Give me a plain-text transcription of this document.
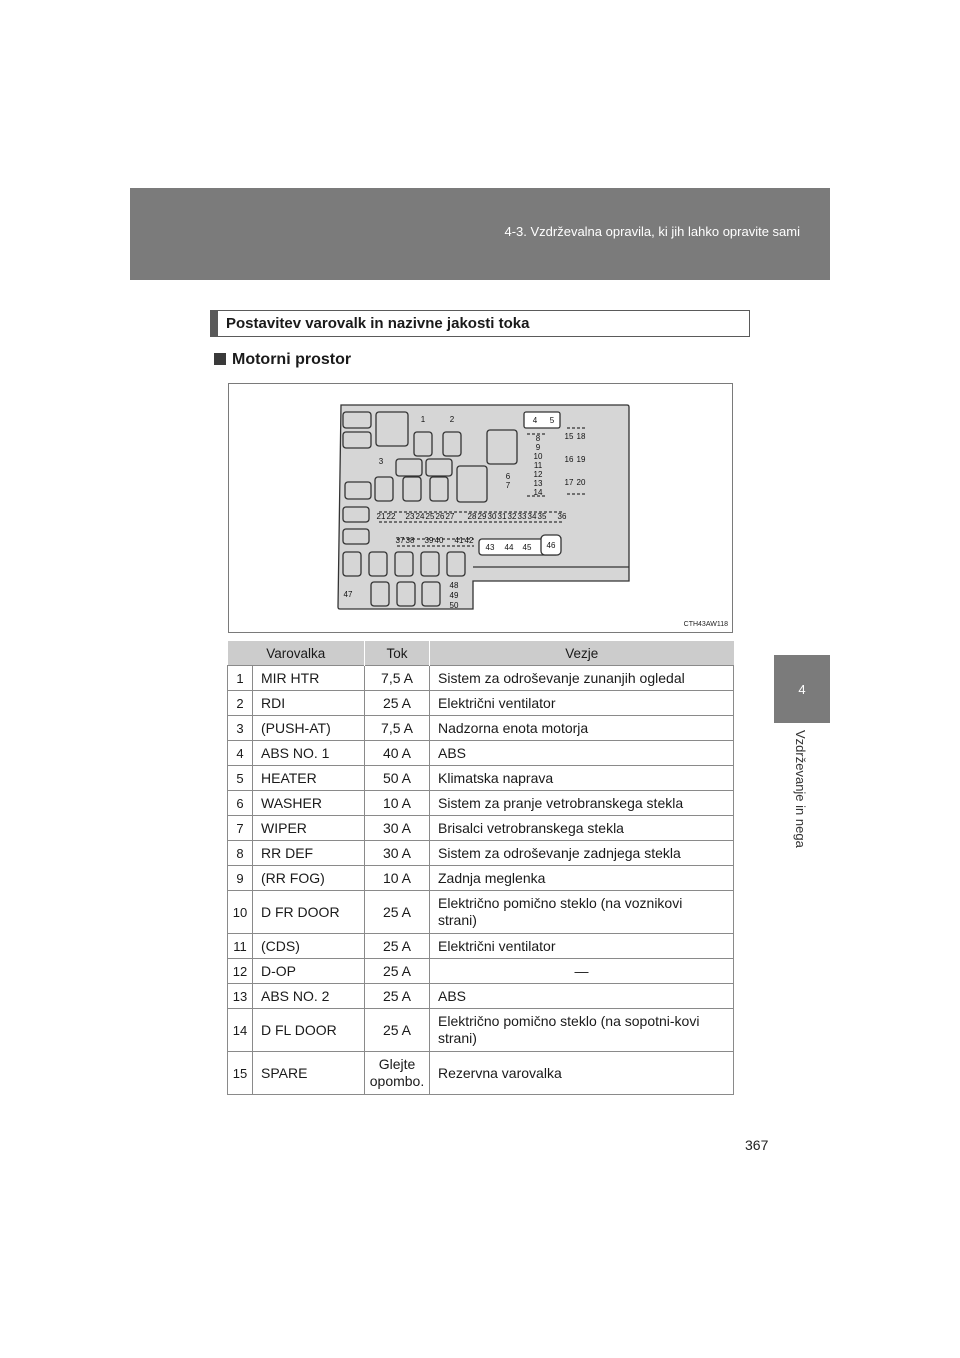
4-3. Vzdrževalna opravila, ki jih lahko opravite sami
4
Vzdrževanje in nega
Postavitev varovalk in nazivne jakosti toka
Motorni prostor
1	2
3
4 5
6
7
8
9
10
11
12
13
14
15
16
17
18
19
20
21 22 23 24 25 26 27 28 29 30 31 32 33 34 35 36
37 38 39 40 41 42
43 44 45 46
47
48
49
50
CTH43AW118
Varovalka		Tok	Vezje
1	MIR HTR	7,5 A	Sistem za odroševanje zunanjih ogledal
2	RDI	25 A	Električni ventilator
3	(PUSH-AT)	7,5 A	Nadzorna enota motorja
4	ABS NO. 1	40 A	ABS
5	HEATER	50 A	Klimatska naprava
6	WASHER	10 A	Sistem za pranje vetrobranskega stekla
7	WIPER	30 A	Brisalci vetrobranskega stekla
8	RR DEF	30 A	Sistem za odroševanje zadnjega stekla
9	(RR FOG)	10 A	Zadnja meglenka
10	D FR DOOR	25 A	Električno pomično steklo (na voznikovi strani)
11	(CDS)	25 A	Električni ventilator
12	D-OP	25 A	—
13	ABS NO. 2	25 A	ABS
14	D FL DOOR	25 A	Električno pomično steklo (na sopotni-kovi strani)
15	SPARE	Glejte opombo.	Rezervna varovalka
367
